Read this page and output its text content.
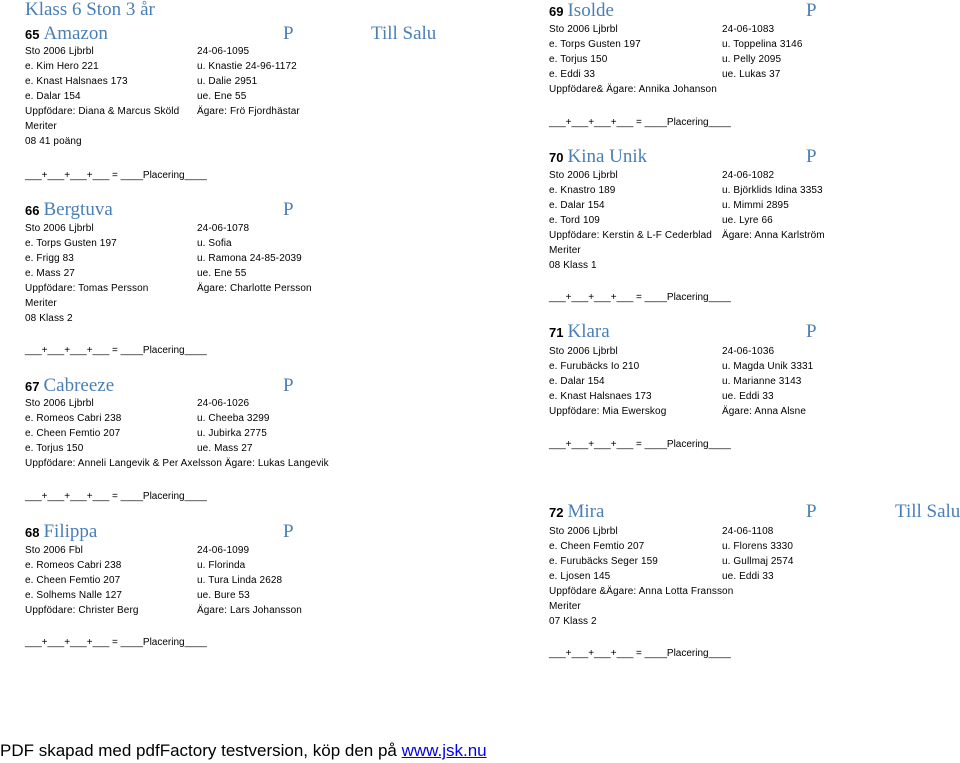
Klass 6 Ston 3 år
65 Amazon	P	Till Salu
Sto 2006 Ljbrbl	24-06-1095
e. Kim Hero 221	u. Knastie 24-96-1172
e. Knast Halsnaes 173	u. Dalie 2951
e. Dalar 154	ue. Ene 55
Uppfödare: Diana & Marcus Sköld Ägare: Frö Fjordhästar
Meriter
08 41 poäng
___+___+___+___ = ____Placering____
66 Bergtuva	P
Sto 2006 Ljbrbl	24-06-1078
e. Torps Gusten 197	u. Sofia
e. Frigg 83	u. Ramona 24-85-2039
e. Mass 27	ue. Ene 55
Uppfödare: Tomas Persson	Ägare: Charlotte Persson
Meriter
08 Klass 2
___+___+___+___ = ____Placering____
67 Cabreeze	P
Sto 2006 Ljbrbl	24-06-1026
e. Romeos Cabri 238	u. Cheeba 3299
e. Cheen Femtio 207	u. Jubirka 2775
e. Torjus 150	ue. Mass 27
Uppfödare: Anneli Langevik & Per Axelsson Ägare: Lukas Langevik
___+___+___+___ = ____Placering____
68 Filippa	P
Sto 2006 Fbl	24-06-1099
e. Romeos Cabri 238	u. Florinda
e. Cheen Femtio 207	u. Tura Linda 2628
e. Solhems Nalle 127	ue. Bure 53
Uppfödare: Christer Berg	Ägare: Lars Johansson
___+___+___+___ = ____Placering____
69 Isolde	P
Sto 2006 Ljbrbl	24-06-1083
e. Torps Gusten 197	u. Toppelina 3146
e. Torjus 150	u. Pelly 2095
e. Eddi 33	ue. Lukas 37
Uppfödare& Ägare: Annika Johanson
___+___+___+___ = ____Placering____
70 Kina Unik	P
Sto 2006 Ljbrbl	24-06-1082
e. Knastro 189	u. Björklids Idina 3353
e. Dalar 154	u. Mimmi 2895
e. Tord 109	ue. Lyre 66
Uppfödare: Kerstin & L-F Cederblad Ägare: Anna Karlström
Meriter
08 Klass 1
___+___+___+___ = ____Placering____
71 Klara	P
Sto 2006 Ljbrbl	24-06-1036
e. Furubäcks Io 210	u. Magda Unik 3331
e. Dalar 154	u. Marianne 3143
e. Knast Halsnaes 173	ue. Eddi 33
Uppfödare: Mia Ewerskog	Ägare: Anna Alsne
___+___+___+___ = ____Placering____
72 Mira	P	Till Salu
Sto 2006 Ljbrbl	24-06-1108
e. Cheen Femtio 207	u. Florens 3330
e. Furubäcks Seger 159	u. Gullmaj 2574
e. Ljosen 145	ue. Eddi 33
Uppfödare &Ägare: Anna Lotta Fransson
Meriter
07 Klass 2
___+___+___+___ = ____Placering____
PDF skapad med pdfFactory testversion, köp den på www.jsk.nu
